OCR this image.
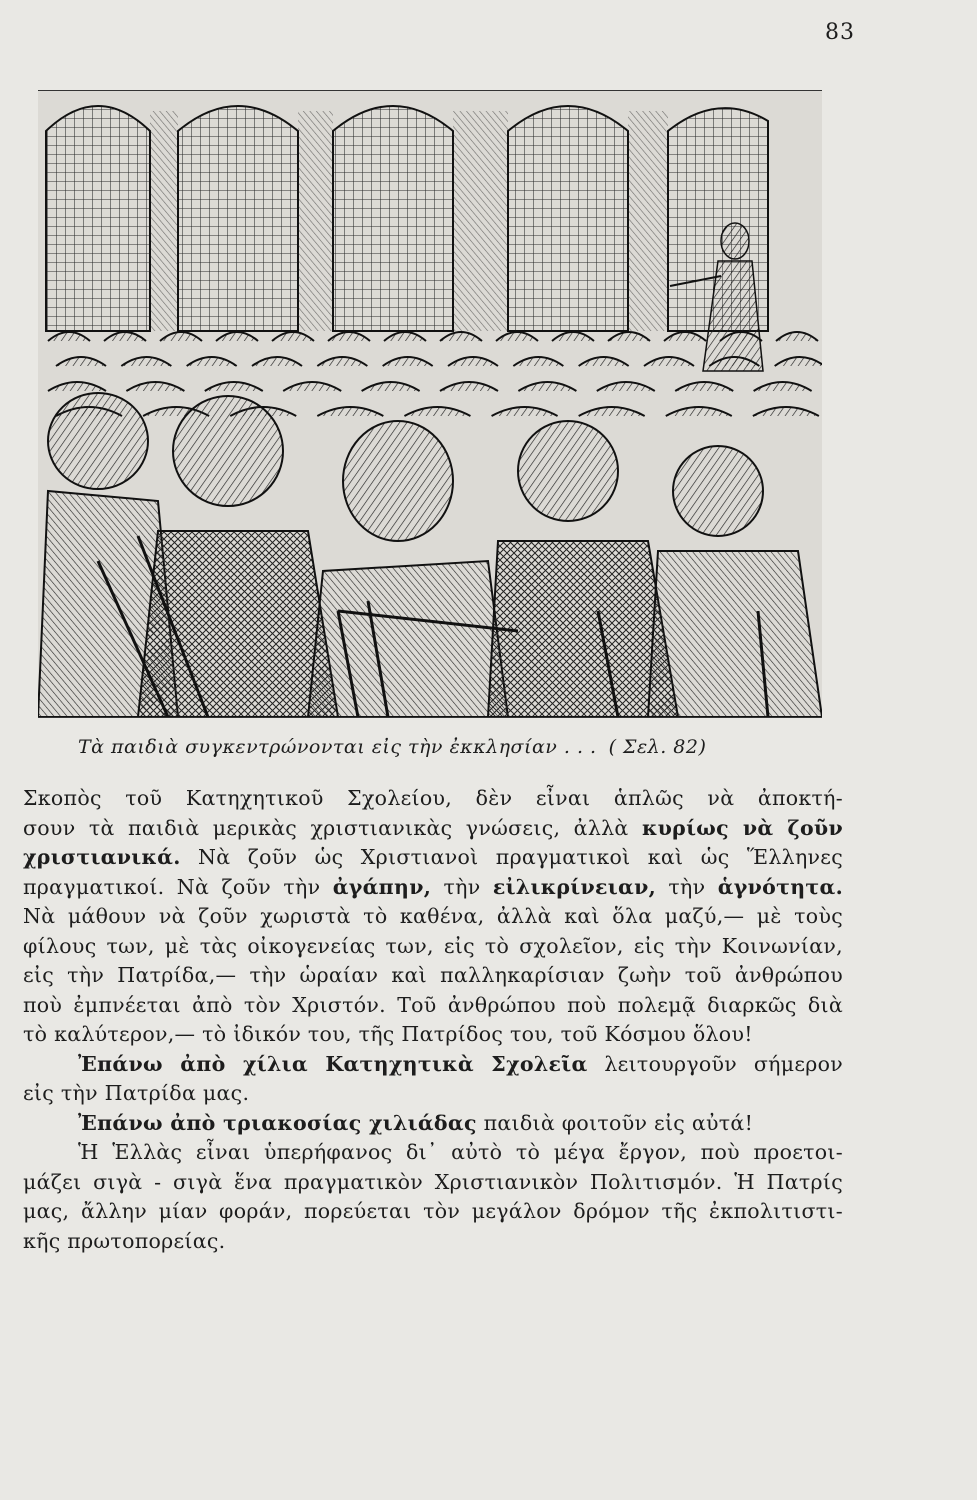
83
Τὰ παιδιὰ συγκεντρώνονται εἰς τὴν ἐκκλησίαν . . . ( Σελ. 82)
Σκοπὸς τοῦ Κατηχητικοῦ Σχολείου, δὲν εἶναι ἁπλῶς νὰ ἀποκτή-
σουν τὰ παιδιὰ μερικὰς χριστιανικὰς γνώσεις, ἀλλὰ κυρίως νὰ ζοῦν
χριστιανικά. Νὰ ζοῦν ὡς Χριστιανοὶ πραγματικοὶ καὶ ὡς Ἕλληνες
πραγματικοί. Νὰ ζοῦν τὴν ἀγάπην, τὴν εἰλικρίνειαν, τὴν ἁγνότητα.
Νὰ μάθουν νὰ ζοῦν χωριστὰ τὸ καθένα, ἀλλὰ καὶ ὅλα μαζύ,— μὲ τοὺς
φίλους των, μὲ τὰς οἰκογενείας των, εἰς τὸ σχολεῖον, εἰς τὴν Κοινωνίαν,
εἰς τὴν Πατρίδα,— τὴν ὡραίαν καὶ παλληκαρίσιαν ζωὴν τοῦ ἀνθρώπου
ποὺ ἐμπνέεται ἀπὸ τὸν Χριστόν. Τοῦ ἀνθρώπου ποὺ πολεμᾷ διαρκῶς διὰ
τὸ καλύτερον,— τὸ ἰδικόν του, τῆς Πατρίδος του, τοῦ Κόσμου ὅλου!
Ἐπάνω ἀπὸ χίλια Κατηχητικὰ Σχολεῖα λειτουργοῦν σήμερον
εἰς τὴν Πατρίδα μας.
Ἐπάνω ἀπὸ τριακοσίας χιλιάδας παιδιὰ φοιτοῦν εἰς αὐτά!
Ἡ Ἑλλὰς εἶναι ὑπερήφανος δι᾿ αὐτὸ τὸ μέγα ἔργον, ποὺ προετοι-
μάζει σιγὰ - σιγὰ ἕνα πραγματικὸν Χριστιανικὸν Πολιτισμόν. Ἡ Πατρίς
μας, ἄλλην μίαν φοράν, πορεύεται τὸν μεγάλον δρόμον τῆς ἐκπολιτιστι-
κῆς πρωτοπορείας.
